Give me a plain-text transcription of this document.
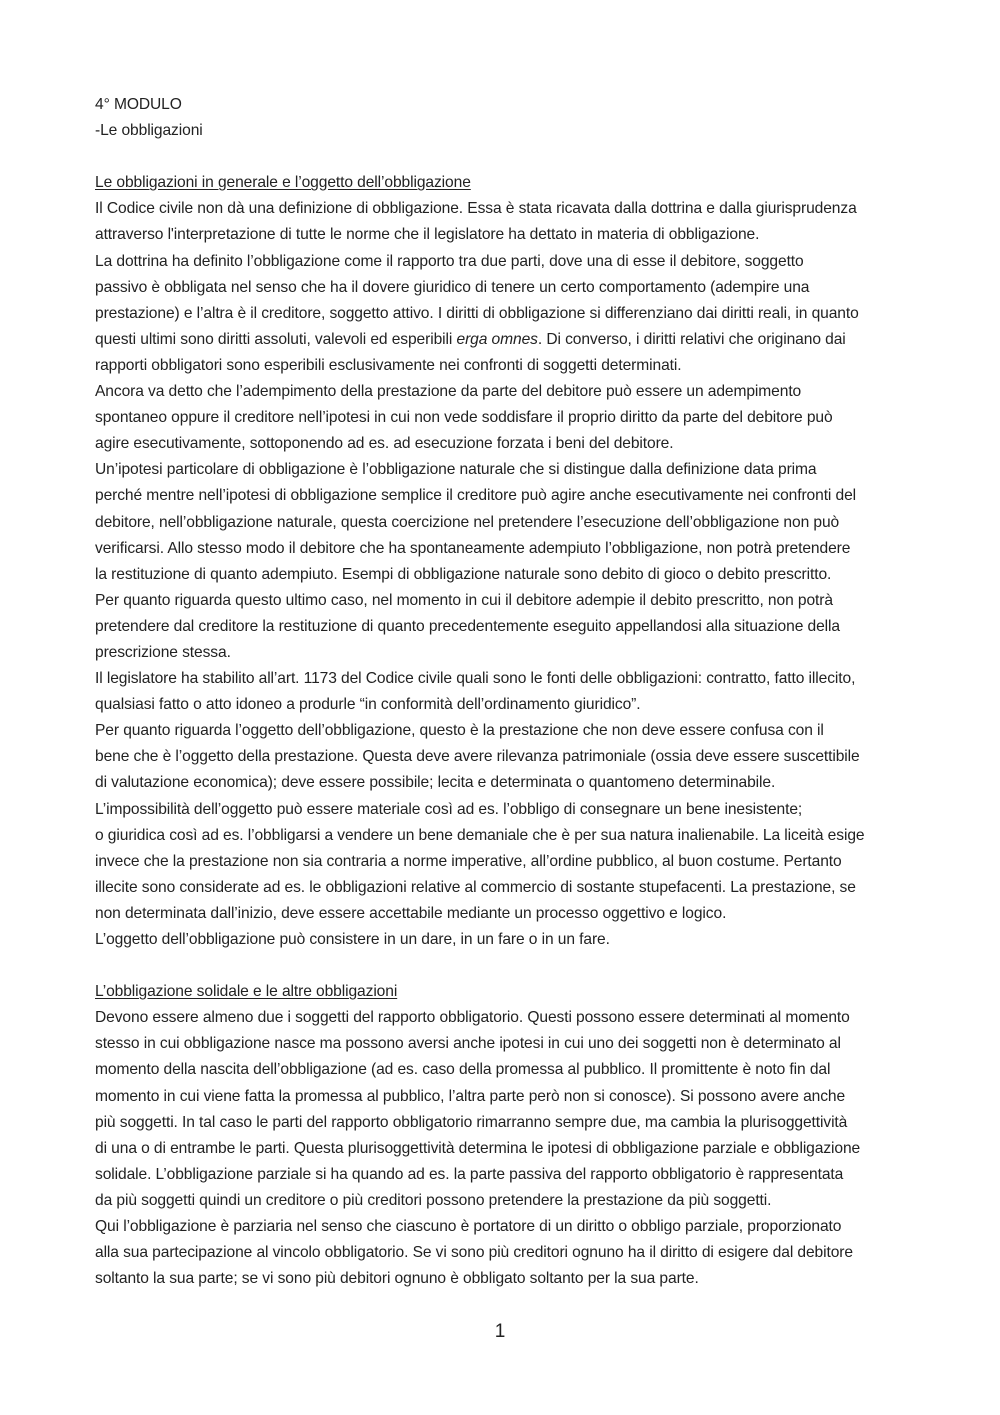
4° MODULO
-Le obbligazioni
Le obbligazioni in generale e l’oggetto dell’obbligazione
Il Codice civile non dà una definizione di obbligazione. Essa è stata ricavata dalla dottrina e dalla giurisprudenza
attraverso l'interpretazione di tutte le norme che il legislatore ha dettato in materia di obbligazione.
La dottrina ha definito l’obbligazione come il rapporto tra due parti, dove una di esse il debitore, soggetto
passivo è obbligata nel senso che ha il dovere giuridico di tenere un certo comportamento (adempire una
prestazione) e l’altra è il creditore, soggetto attivo. I diritti di obbligazione si differenziano dai diritti reali, in quanto
questi ultimi sono diritti assoluti, valevoli ed esperibili erga omnes. Di converso, i diritti relativi che originano dai
rapporti obbligatori sono esperibili esclusivamente nei confronti di soggetti determinati.
Ancora va detto che l’adempimento della prestazione da parte del debitore può essere un adempimento
spontaneo oppure il creditore nell’ipotesi in cui non vede soddisfare il proprio diritto da parte del debitore può
agire esecutivamente, sottoponendo ad es. ad esecuzione forzata i beni del debitore.
Un’ipotesi particolare di obbligazione è l’obbligazione naturale che si distingue dalla definizione data prima
perché mentre nell’ipotesi di obbligazione semplice il creditore può agire anche esecutivamente nei confronti del
debitore, nell’obbligazione naturale, questa coercizione nel pretendere l’esecuzione dell’obbligazione non può
verificarsi. Allo stesso modo il debitore che ha spontaneamente adempiuto l’obbligazione, non potrà pretendere
la restituzione di quanto adempiuto. Esempi di obbligazione naturale sono debito di gioco o debito prescritto.
Per quanto riguarda questo ultimo caso, nel momento in cui il debitore adempie il debito prescritto, non potrà
pretendere dal creditore la restituzione di quanto precedentemente eseguito appellandosi alla situazione della
prescrizione stessa.
Il legislatore ha stabilito all’art. 1173 del Codice civile quali sono le fonti delle obbligazioni: contratto, fatto illecito,
qualsiasi fatto o atto idoneo a produrle “in conformità dell’ordinamento giuridico”.
Per quanto riguarda l’oggetto dell’obbligazione, questo è la prestazione che non deve essere confusa con il
bene che è l’oggetto della prestazione. Questa deve avere rilevanza patrimoniale (ossia deve essere suscettibile
di valutazione economica); deve essere possibile; lecita e determinata o quantomeno determinabile.
L’impossibilità dell’oggetto può essere materiale così ad es. l’obbligo di consegnare un bene inesistente;
o giuridica così ad es. l’obbligarsi a vendere un bene demaniale che è per sua natura inalienabile. La liceità esige
invece che la prestazione non sia contraria a norme imperative, all’ordine pubblico, al buon costume. Pertanto
illecite sono considerate ad es. le obbligazioni relative al commercio di sostante stupefacenti. La prestazione, se
non determinata dall’inizio, deve essere accettabile mediante un processo oggettivo e logico.
L’oggetto dell’obbligazione può consistere in un dare, in un fare o in un fare.
L’obbligazione solidale e le altre obbligazioni
Devono essere almeno due i soggetti del rapporto obbligatorio. Questi possono essere determinati al momento
stesso in cui obbligazione nasce ma possono aversi anche ipotesi in cui uno dei soggetti non è determinato al
momento della nascita dell’obbligazione (ad es. caso della promessa al pubblico. Il promittente è noto fin dal
momento in cui viene fatta la promessa al pubblico, l’altra parte però non si conosce). Si possono avere anche
più soggetti. In tal caso le parti del rapporto obbligatorio rimarranno sempre due, ma cambia la plurisoggettività
di una o di entrambe le parti. Questa plurisoggettività determina le ipotesi di obbligazione parziale e obbligazione
solidale. L’obbligazione parziale si ha quando ad es. la parte passiva del rapporto obbligatorio è rappresentata
da più soggetti quindi un creditore o più creditori possono pretendere la prestazione da più soggetti.
Qui l’obbligazione è parziaria nel senso che ciascuno è portatore di un diritto o obbligo parziale, proporzionato
alla sua partecipazione al vincolo obbligatorio. Se vi sono più creditori ognuno ha il diritto di esigere dal debitore
soltanto la sua parte; se vi sono più debitori ognuno è obbligato soltanto per la sua parte.
1
